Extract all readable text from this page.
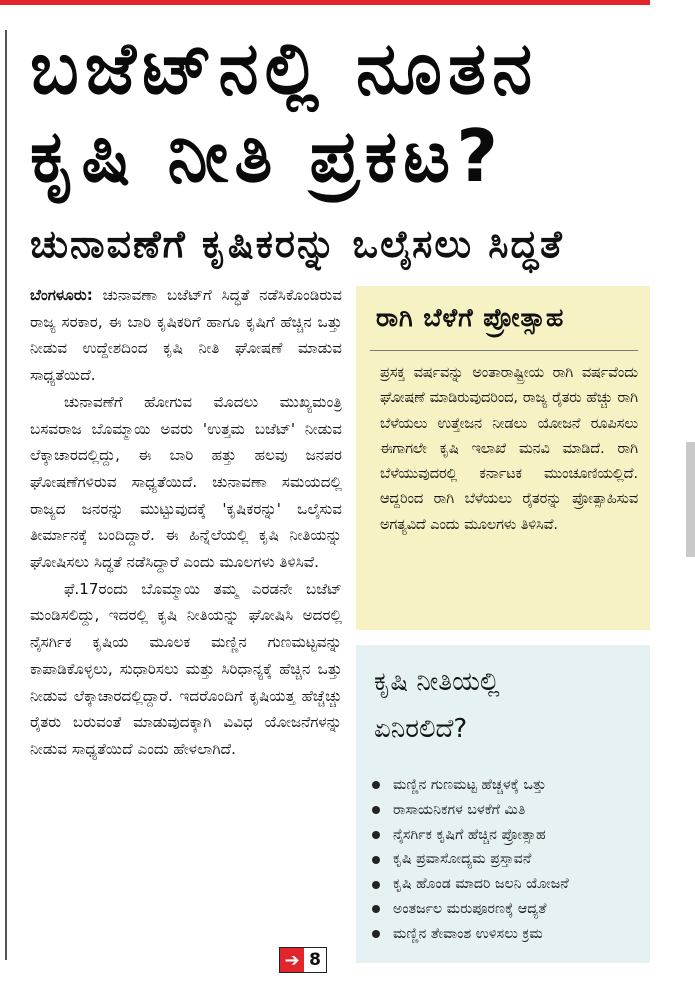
ಬಜೆಟ್‌ನಲ್ಲಿ ನೂತನ
ಕೃಷಿ ನೀತಿ ಪ್ರಕಟ?
ಚುನಾವಣೆಗೆ ಕೃಷಿಕರನ್ನು ಒಲೈಸಲು ಸಿದ್ಧತೆ

ಬೆಂಗಳೂರು: ಚುನಾವಣಾ ಬಜೆಟ್‌ಗೆ ಸಿದ್ಧತೆ ನಡೆಸಿಕೊಂಡಿರುವ ರಾಜ್ಯ ಸರಕಾರ, ಈ ಬಾರಿ ಕೃಷಿಕರಿಗೆ ಹಾಗೂ ಕೃಷಿಗೆ ಹೆಚ್ಚಿನ ಒತ್ತು ನೀಡುವ ಉದ್ದೇಶದಿಂದ ಕೃಷಿ ನೀತಿ ಘೋಷಣೆ ಮಾಡುವ ಸಾಧ್ಯತೆಯಿದೆ.

ಚುನಾವಣೆಗೆ ಹೋಗುವ ಮೊದಲು ಮುಖ್ಯಮಂತ್ರಿ ಬಸವರಾಜ ಬೊಮ್ಮಾಯಿ ಅವರು 'ಉತ್ತಮ ಬಜೆಟ್' ನೀಡುವ ಲೆಕ್ಕಾಚಾರದಲ್ಲಿದ್ದು, ಈ ಬಾರಿ ಹತ್ತು ಹಲವು ಜನಪರ ಘೋಷಣೆಗಳಿರುವ ಸಾಧ್ಯತೆಯಿದೆ. ಚುನಾವಣಾ ಸಮಯದಲ್ಲಿ ರಾಜ್ಯದ ಜನರನ್ನು ಮುಟ್ಟುವುದಕ್ಕೆ 'ಕೃಷಿಕರನ್ನು' ಒಲೈಸುವ ತೀರ್ಮಾನಕ್ಕೆ ಬಂದಿದ್ದಾರೆ. ಈ ಹಿನ್ನೆಲೆಯಲ್ಲಿ ಕೃಷಿ ನೀತಿಯನ್ನು ಘೋಷಿಸಲು ಸಿದ್ಧತೆ ನಡೆಸಿದ್ದಾರೆ ಎಂದು ಮೂಲಗಳು ತಿಳಿಸಿವೆ.

ಫೆ.17ರಂದು ಬೊಮ್ಮಾಯಿ ತಮ್ಮ ಎರಡನೇ ಬಜೆಟ್ ಮಂಡಿಸಲಿದ್ದು, ಇದರಲ್ಲಿ ಕೃಷಿ ನೀತಿಯನ್ನು ಘೋಷಿಸಿ ಅದರಲ್ಲಿ ನೈಸರ್ಗಿಕ ಕೃಷಿಯ ಮೂಲಕ ಮಣ್ಣಿನ ಗುಣಮಟ್ಟವನ್ನು ಕಾಪಾಡಿಕೊಳ್ಳಲು, ಸುಧಾರಿಸಲು ಮತ್ತು ಸಿರಿಧಾನ್ಯಕ್ಕೆ ಹೆಚ್ಚಿನ ಒತ್ತು ನೀಡುವ ಲೆಕ್ಕಾಚಾರದಲ್ಲಿದ್ದಾರೆ. ಇದರೊಂದಿಗೆ ಕೃಷಿಯತ್ತ ಹೆಚ್ಚೆಚ್ಚು ರೈತರು ಬರುವಂತೆ ಮಾಡುವುದಕ್ಕಾಗಿ ವಿವಿಧ ಯೋಜನೆಗಳನ್ನು ನೀಡುವ ಸಾಧ್ಯತೆಯಿದೆ ಎಂದು ಹೇಳಲಾಗಿದೆ.

➔ 8
ರಾಗಿ ಬೆಳೆಗೆ ಪ್ರೋತ್ಸಾಹ
ಪ್ರಸಕ್ತ ವರ್ಷವನ್ನು ಅಂತಾರಾಷ್ಟ್ರೀಯ ರಾಗಿ ವರ್ಷವೆಂದು ಘೋಷಣೆ ಮಾಡಿರುವುದರಿಂದ, ರಾಜ್ಯ ರೈತರು ಹೆಚ್ಚು ರಾಗಿ ಬೆಳೆಯಲು ಉತ್ತೇಜನ ನೀಡಲು ಯೋಜನೆ ರೂಪಿಸಲು ಈಗಾಗಲೇ ಕೃಷಿ ಇಲಾಖೆ ಮನವಿ ಮಾಡಿದೆ. ರಾಗಿ ಬೆಳೆಯುವುದರಲ್ಲಿ ಕರ್ನಾಟಕ ಮುಂಚೂಣಿಯಲ್ಲಿದೆ. ಆದ್ದರಿಂದ ರಾಗಿ ಬೆಳೆಯಲು ರೈತರನ್ನು ಪ್ರೋತ್ಸಾಹಿಸುವ ಅಗತ್ಯವಿದೆ ಎಂದು ಮೂಲಗಳು ತಿಳಿಸಿವೆ.
ಕೃಷಿ ನೀತಿಯಲ್ಲಿ ಏನಿರಲಿದೆ?
ಮಣ್ಣಿನ ಗುಣಮಟ್ಟ ಹೆಚ್ಚಳಕ್ಕೆ ಒತ್ತು
ರಾಸಾಯನಿಕಗಳ ಬಳಕೆಗೆ ಮಿತಿ
ನೈಸರ್ಗಿಕ ಕೃಷಿಗೆ ಹೆಚ್ಚಿನ ಪ್ರೋತ್ಸಾಹ
ಕೃಷಿ ಪ್ರವಾಸೋದ್ಯಮ ಪ್ರಸ್ತಾವನೆ
ಕೃಷಿ ಹೊಂಡ ಮಾದರಿ ಜಲನಿ ಯೋಜನೆ
ಅಂತರ್ಜಲ ಮರುಪೂರಣಕ್ಕೆ ಆದ್ಯತೆ
ಮಣ್ಣಿನ ತೇವಾಂಶ ಉಳಿಸಲು ಕ್ರಮ
